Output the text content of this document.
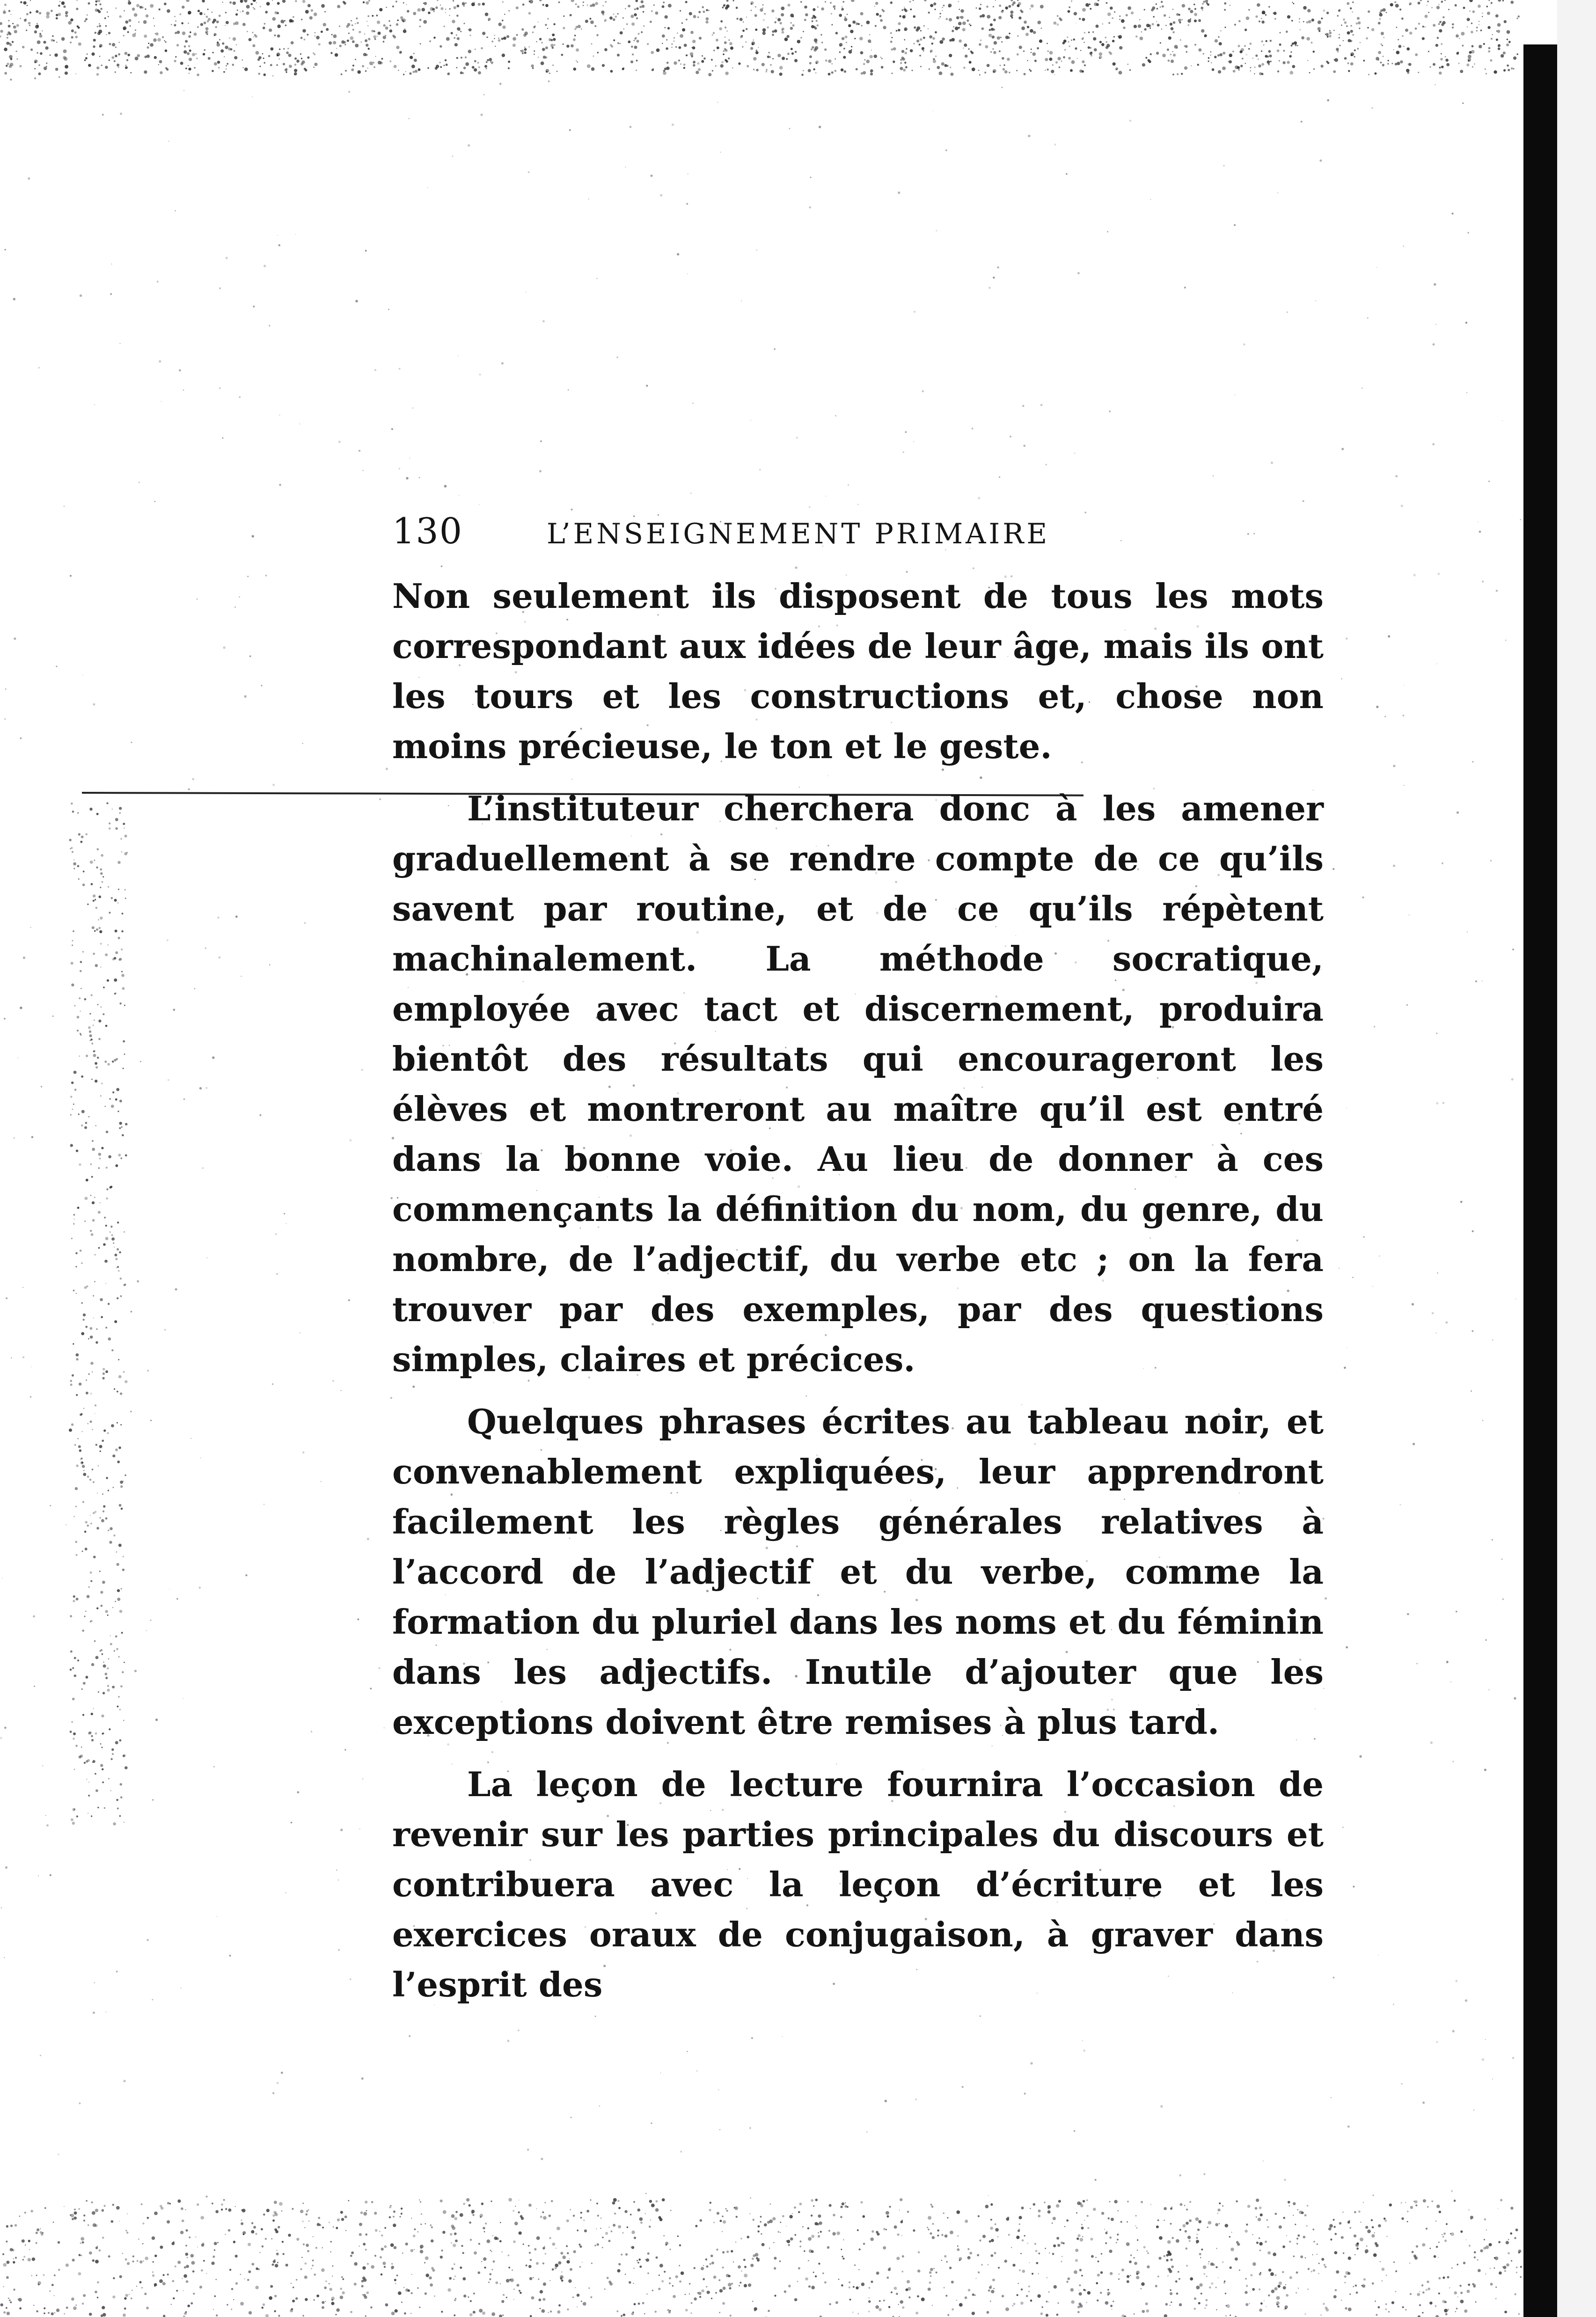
130	L’ENSEIGNEMENT PRIMAIRE

Non seulement ils disposent de tous les mots correspondant aux idées de leur âge, mais ils ont les tours et les constructions et, chose non moins précieuse, le ton et le geste.

L’instituteur cherchera donc à les amener graduellement à se rendre compte de ce qu’ils savent par routine, et de ce qu’ils répètent machinalement. La méthode socratique, employée avec tact et discernement, produira bientôt des résultats qui encourageront les élèves et montreront au maître qu’il est entré dans la bonne voie. Au lieu de donner à ces commençants la définition du nom, du genre, du nombre, de l’adjectif, du verbe etc ; on la fera trouver par des exemples, par des questions simples, claires et précices.

Quelques phrases écrites au tableau noir, et convenablement expliquées, leur apprendront facilement les règles générales relatives à l’accord de l’adjectif et du verbe, comme la formation du pluriel dans les noms et du féminin dans les adjectifs. Inutile d’ajouter que les exceptions doivent être remises à plus tard.

La leçon de lecture fournira l’occasion de revenir sur les parties principales du discours et contribuera avec la leçon d’écriture et les exercices oraux de conjugaison, à graver dans l’esprit des
